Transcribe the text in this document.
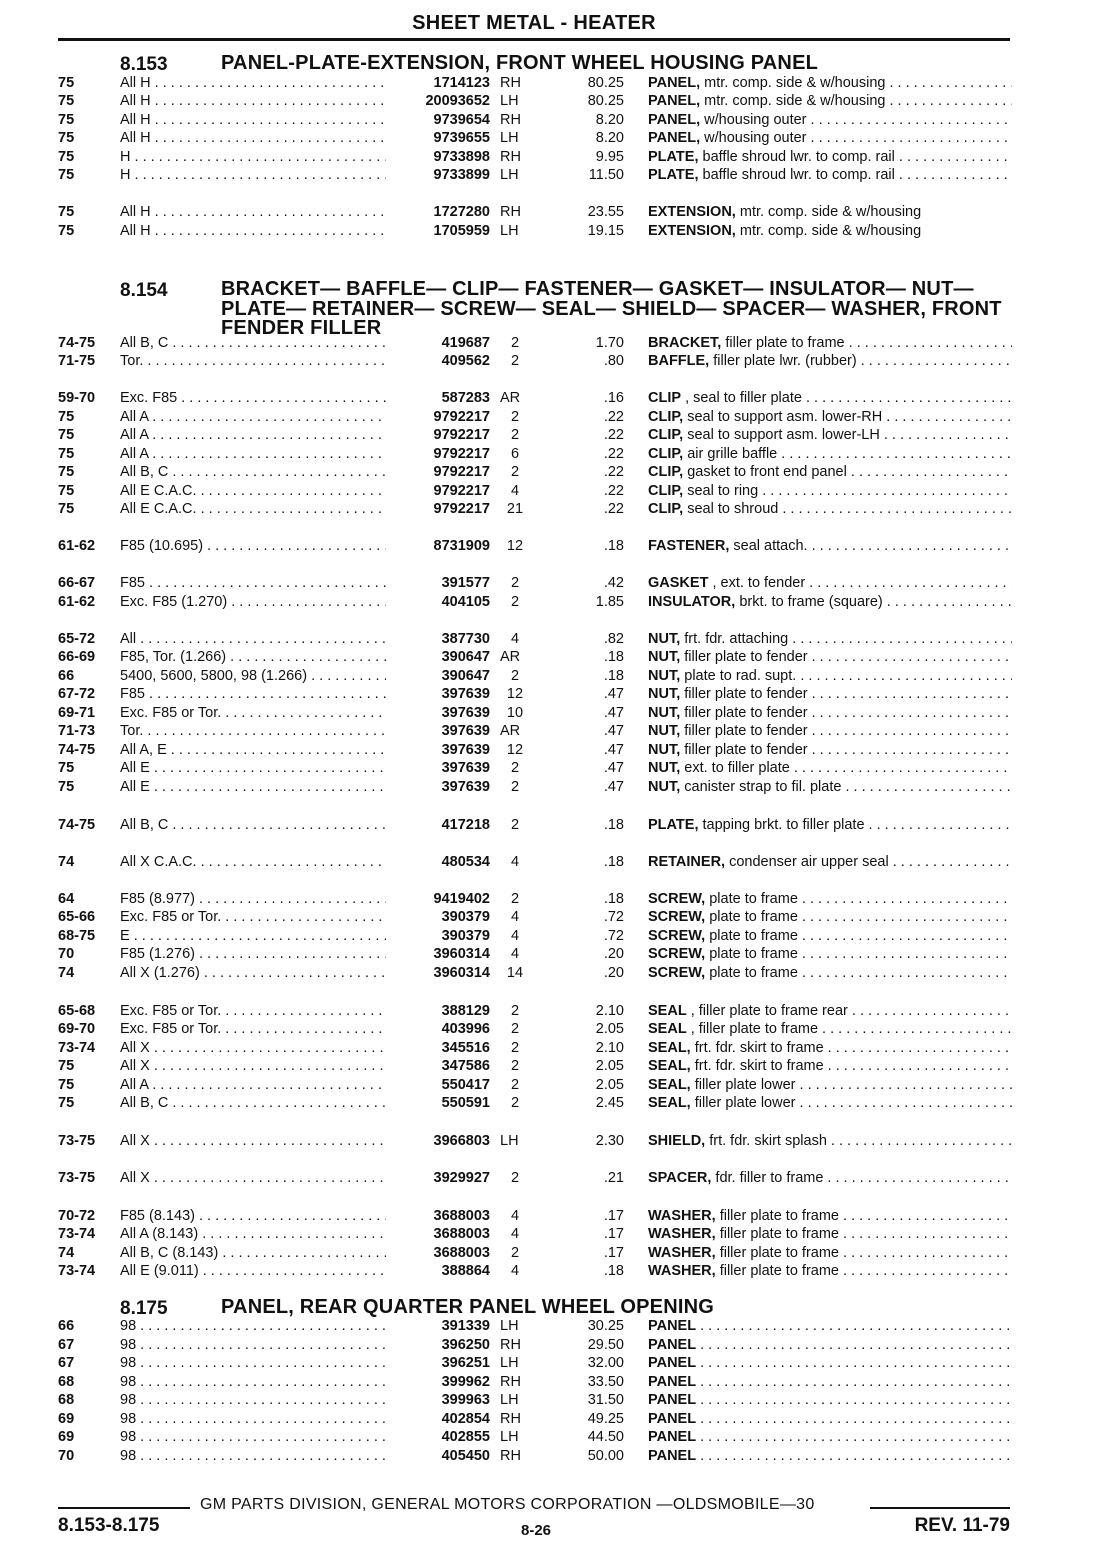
SHEET METAL - HEATER
8.153	PANEL-PLATE-EXTENSION, FRONT WHEEL HOUSING PANEL
75	All H . . .	1714123 RH	80.25 PANEL, mtr. comp. side & w/housing . . .
75	All H . . .	20093652 LH	80.25 PANEL, mtr. comp. side & w/housing . . .
75	All H . . .	9739654 RH	8.20 PANEL, w/housing outer . . .
75	All H . . .	9739655 LH	8.20 PANEL, w/housing outer . . .
75	H . . .	9733898 RH	9.95 PLATE, baffle shroud lwr. to comp. rail . . .
75	H . . .	9733899 LH	11.50 PLATE, baffle shroud lwr. to comp. rail . . .
75	All H . . .	1727280 RH	23.55 EXTENSION, mtr. comp. side & w/housing
75	All H . . .	1705959 LH	19.15 EXTENSION, mtr. comp. side & w/housing
8.154	BRACKET— BAFFLE— CLIP— FASTENER— GASKET— INSULATOR— NUT— PLATE— RETAINER— SCREW— SEAL— SHIELD— SPACER— WASHER, FRONT FENDER FILLER
74-75	All B, C . . .	419687	2	1.70 BRACKET, filler plate to frame . . .
71-75	Tor. . . .	409562	2	.80 BAFFLE, filler plate lwr. (rubber) . . .
59-70	Exc. F85 . . .	587283 AR	.16 CLIP , seal to filler plate . . .
75	All A . . .	9792217	2	.22 CLIP, seal to support asm. lower-RH . . .
75	All A . . .	9792217	2	.22 CLIP, seal to support asm. lower-LH . . .
75	All A . . .	9792217	6	.22 CLIP, air grille baffle . . .
75	All B, C . . .	9792217	2	.22 CLIP, gasket to front end panel . . .
75	All E C.A.C. . . .	9792217	4	.22 CLIP, seal to ring . . .
75	All E C.A.C. . . .	9792217	21	.22 CLIP, seal to shroud . . .
61-62	F85 (10.695) . . .	8731909	12	.18 FASTENER, seal attach. . . .
66-67	F85 . . .	391577	2	.42 GASKET , ext. to fender . . .
61-62	Exc. F85 (1.270) . . .	404105	2	1.85 INSULATOR, brkt. to frame (square) . . .
65-72	All . . .	387730	4	.82 NUT, frt. fdr. attaching . . .
66-69	F85, Tor. (1.266) . . .	390647 AR	.18 NUT, filler plate to fender . . .
66	5400, 5600, 5800, 98 (1.266) . . .	390647	2	.18 NUT, plate to rad. supt. . . .
67-72	F85 . . .	397639	12	.47 NUT, filler plate to fender . . .
69-71	Exc. F85 or Tor. . . .	397639	10	.47 NUT, filler plate to fender . . .
71-73	Tor. . . .	397639 AR	.47 NUT, filler plate to fender . . .
74-75	All A, E . . .	397639	12	.47 NUT, filler plate to fender . . .
75	All E . . .	397639	2	.47 NUT, ext. to filler plate . . .
75	All E . . .	397639	2	.47 NUT, canister strap to fil. plate . . .
74-75	All B, C . . .	417218	2	.18 PLATE, tapping brkt. to filler plate . . .
74	All X C.A.C. . . .	480534	4	.18 RETAINER, condenser air upper seal . . .
64	F85 (8.977) . . .	9419402	2	.18 SCREW, plate to frame . . .
65-66	Exc. F85 or Tor. . . .	390379	4	.72 SCREW, plate to frame . . .
68-75	E . . .	390379	4	.72 SCREW, plate to frame . . .
70	F85 (1.276) . . .	3960314	4	.20 SCREW, plate to frame . . .
74	All X (1.276) . . .	3960314	14	.20 SCREW, plate to frame . . .
65-68	Exc. F85 or Tor. . . .	388129	2	2.10 SEAL , filler plate to frame rear . . .
69-70	Exc. F85 or Tor. . . .	403996	2	2.05 SEAL , filler plate to frame . . .
73-74	All X . . .	345516	2	2.10 SEAL, frt. fdr. skirt to frame . . .
75	All X . . .	347586	2	2.05 SEAL, frt. fdr. skirt to frame . . .
75	All A . . .	550417	2	2.05 SEAL, filler plate lower . . .
75	All B, C . . .	550591	2	2.45 SEAL, filler plate lower . . .
73-75	All X . . .	3966803 LH	2.30 SHIELD, frt. fdr. skirt splash . . .
73-75	All X . . .	3929927	2	.21 SPACER, fdr. filler to frame . . .
70-72	F85 (8.143) . . .	3688003	4	.17 WASHER, filler plate to frame . . .
73-74	All A (8.143) . . .	3688003	4	.17 WASHER, filler plate to frame . . .
74	All B, C (8.143) . . .	3688003	2	.17 WASHER, filler plate to frame . . .
73-74	All E (9.011) . . .	388864	4	.18 WASHER, filler plate to frame . . .
8.175	PANEL, REAR QUARTER PANEL WHEEL OPENING
66	98 . . .	391339 LH	30.25 PANEL . . .
67	98 . . .	396250 RH	29.50 PANEL . . .
67	98 . . .	396251 LH	32.00 PANEL . . .
68	98 . . .	399962 RH	33.50 PANEL . . .
68	98 . . .	399963 LH	31.50 PANEL . . .
69	98 . . .	402854 RH	49.25 PANEL . . .
69	98 . . .	402855 LH	44.50 PANEL . . .
70	98 . . .	405450 RH	50.00 PANEL . . .
GM PARTS DIVISION, GENERAL MOTORS CORPORATION —OLDSMOBILE—30
8.153-8.175	8-26	REV. 11-79
